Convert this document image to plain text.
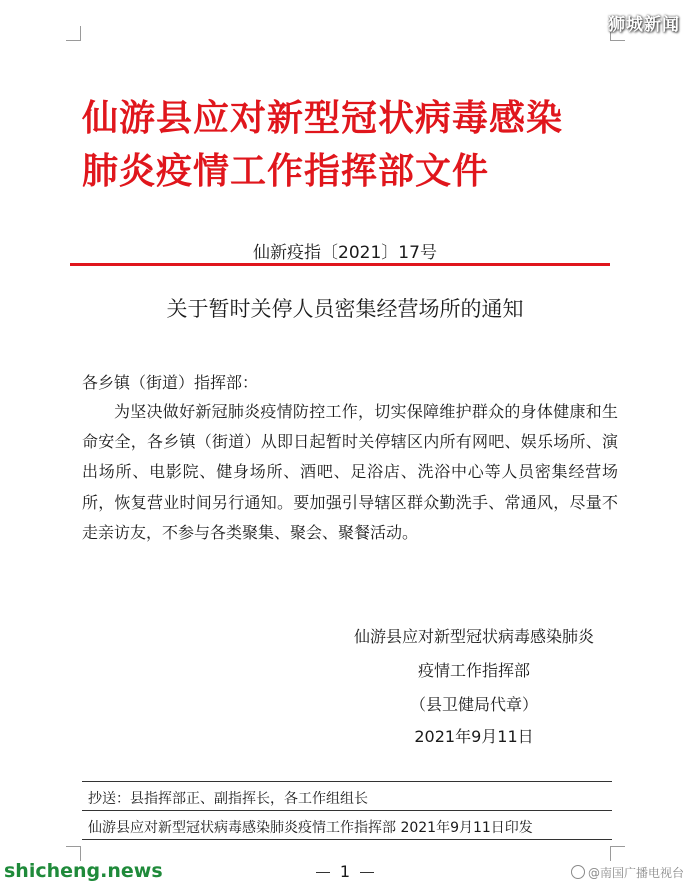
狮城新闻
仙游县应对新型冠状病毒感染
肺炎疫情工作指挥部文件
仙新疫指〔2021〕17号
关于暂时关停人员密集经营场所的通知
各乡镇（街道）指挥部：
为坚决做好新冠肺炎疫情防控工作，切实保障维护群众的身体健康和生命安全，各乡镇（街道）从即日起暂时关停辖区内所有网吧、娱乐场所、演出场所、电影院、健身场所、酒吧、足浴店、洗浴中心等人员密集经营场所，恢复营业时间另行通知。要加强引导辖区群众勤洗手、常通风，尽量不走亲访友，不参与各类聚集、聚会、聚餐活动。
仙游县应对新型冠状病毒感染肺炎
疫情工作指挥部
（县卫健局代章）
2021年9月11日
抄送：县指挥部正、副指挥长，各工作组组长
仙游县应对新型冠状病毒感染肺炎疫情工作指挥部 2021年9月11日印发
1
shicheng.news	@南国广播电视台
